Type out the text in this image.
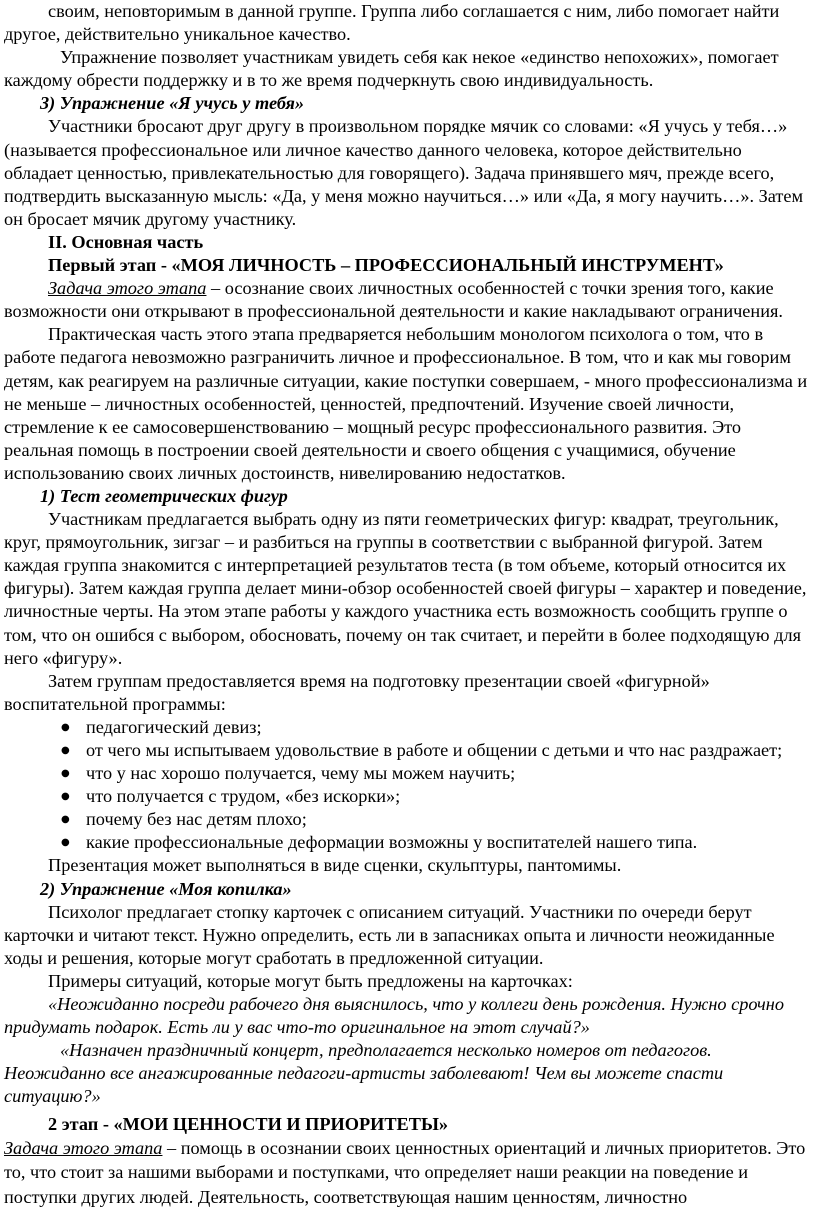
своим, неповторимым в данной группе. Группа либо соглашается с ним, либо помогает найти другое, действительно уникальное качество.

Упражнение позволяет участникам увидеть себя как некое «единство непохожих», помогает каждому обрести поддержку и в то же время подчеркнуть свою индивидуальность.

3) Упражнение «Я учусь у тебя»

Участники бросают друг другу в произвольном порядке мячик со словами: «Я учусь у тебя…» (называется профессиональное или личное качество данного человека, которое действительно обладает ценностью, привлекательностью для говорящего). Задача принявшего мяч, прежде всего, подтвердить высказанную мысль: «Да, у меня можно научиться…» или «Да, я могу научить…». Затем он бросает мячик другому участнику.

II. Основная часть

Первый этап - «МОЯ ЛИЧНОСТЬ – ПРОФЕССИОНАЛЬНЫЙ ИНСТРУМЕНТ»

Задача этого этапа – осознание своих личностных особенностей с точки зрения того, какие возможности они открывают в профессиональной деятельности и какие накладывают ограничения.

Практическая часть этого этапа предваряется небольшим монологом психолога о том, что в работе педагога невозможно разграничить личное и профессиональное. В том, что и как мы говорим детям, как реагируем на различные ситуации, какие поступки совершаем, - много профессионализма и не меньше – личностных особенностей, ценностей, предпочтений. Изучение своей личности, стремление к ее самосовершенствованию – мощный ресурс профессионального развития. Это реальная помощь в построении своей деятельности и своего общения с учащимися, обучение использованию своих личных достоинств, нивелированию недостатков.

1) Тест геометрических фигур

Участникам предлагается выбрать одну из пяти геометрических фигур: квадрат, треугольник, круг, прямоугольник, зигзаг – и разбиться на группы в соответствии с выбранной фигурой. Затем каждая группа знакомится с интерпретацией результатов теста (в том объеме, который относится их фигуры). Затем каждая группа делает мини-обзор особенностей своей фигуры – характер и поведение, личностные черты. На этом этапе работы у каждого участника есть возможность сообщить группе о том, что он ошибся с выбором, обосновать, почему он так считает, и перейти в более подходящую для него «фигуру».

Затем группам предоставляется время на подготовку презентации своей «фигурной» воспитательной программы:

● педагогический девиз;
● от чего мы испытываем удовольствие в работе и общении с детьми и что нас раздражает;
● что у нас хорошо получается, чему мы можем научить;
● что получается с трудом, «без искорки»;
● почему без нас детям плохо;
● какие профессиональные деформации возможны у воспитателей нашего типа.

Презентация может выполняться в виде сценки, скульптуры, пантомимы.

2) Упражнение «Моя копилка»

Психолог предлагает стопку карточек с описанием ситуаций. Участники по очереди берут карточки и читают текст. Нужно определить, есть ли в запасниках опыта и личности неожиданные ходы и решения, которые могут сработать в предложенной ситуации.

Примеры ситуаций, которые могут быть предложены на карточках:

«Неожиданно посреди рабочего дня выяснилось, что у коллеги день рождения. Нужно срочно придумать подарок. Есть ли у вас что-то оригинальное на этот случай?»

«Назначен праздничный концерт, предполагается несколько номеров от педагогов. Неожиданно все ангажированные педагоги-артисты заболевают! Чем вы можете спасти ситуацию?»

2 этап - «МОИ ЦЕННОСТИ И ПРИОРИТЕТЫ»

Задача этого этапа – помощь в осознании своих ценностных ориентаций и личных приоритетов. Это то, что стоит за нашими выборами и поступками, что определяет наши реакции на поведение и поступки других людей. Деятельность, соответствующая нашим ценностям, личностно
